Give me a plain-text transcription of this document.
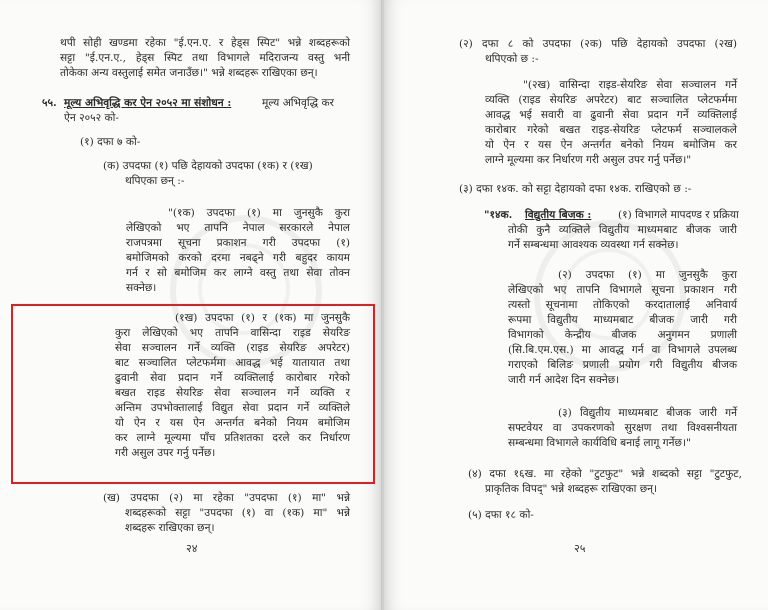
थपी सोही खण्डमा रहेका "ई.एन.ए. र हेड्स स्पिट" भन्ने शब्दहरूको
सट्टा "ई.एन.ए., हेड्स स्पिट तथा विभागले मदिराजन्य वस्तु भनी
तोकेका अन्य वस्तुलाई समेत जनाउँछ।" भन्ने शब्दहरू राखिएका छन्।
५५. मूल्य अभिवृद्धि कर ऐन २०५२ मा संशोधन :	मूल्य अभिवृद्धि कर
ऐन २०५२ को-
(१) दफा ७ को-
(क) उपदफा (१) पछि देहायको उपदफा (१क) र (१ख)
थपिएका छन् :-
"(१क) उपदफा (१) मा जुनसुकै कुरा
लेखिएको भए तापनि नेपाल सरकारले नेपाल
राजपत्रमा सूचना प्रकाशन गरी उपदफा (१)
बमोजिमको करको दरमा नबढ्ने गरी बहुदर कायम
गर्न र सो बमोजिम कर लाग्ने वस्तु तथा सेवा तोक्न
सक्नेछ।
(१ख) उपदफा (१) र (१क) मा जुनसुकै
कुरा लेखिएको भए तापनि वासिन्दा राइड सेयरिङ
सेवा सञ्चालन गर्ने व्यक्ति (राइड सेयरिङ अपरेटर)
बाट सञ्चालित प्लेटफर्ममा आवद्ध भई यातायात तथा
ढुवानी सेवा प्रदान गर्ने व्यक्तिलाई कारोबार गरेको
बखत राइड सेयरिङ सेवा सञ्चालन गर्ने व्यक्ति र
अन्तिम उपभोक्तालाई विद्युत सेवा प्रदान गर्ने व्यक्तिले
यो ऐन र यस ऐन अन्तर्गत बनेको नियम बमोजिम
कर लाग्ने मूल्यमा पाँच प्रतिशतका दरले कर निर्धारण
गरी असुल उपर गर्नु पर्नेछ।
(ख) उपदफा (२) मा रहेका "उपदफा (१) मा" भन्ने
शब्दहरूको सट्टा "उपदफा (१) वा (१क) मा" भन्ने
शब्दहरू राखिएका छन्।
२४
(२) दफा ८ को उपदफा (२क) पछि देहायको उपदफा (२ख)
थपिएको छ :-
"(२ख) वासिन्दा राइड-सेयरिङ सेवा सञ्चालन गर्ने
व्यक्ति (राइड सेयरिङ अपरेटर) बाट सञ्चालित प्लेटफर्ममा
आवद्ध भई सवारी वा ढुवानी सेवा प्रदान गर्ने व्यक्तिलाई
कारोबार गरेको बखत राइड-सेयरिङ प्लेटफर्म सञ्चालकले
यो ऐन र यस ऐन अन्तर्गत बनेको नियम बमोजिम कर
लाग्ने मूल्यमा कर निर्धारण गरी असुल उपर गर्नु पर्नेछ।"
(३) दफा १४क. को सट्टा देहायको दफा १४क. राखिएको छ :-
"१४क. विद्युतीय बिजक :	(१) विभागले मापदण्ड र प्रक्रिया
तोकी कुनै व्यक्तिले विद्युतीय माध्यमबाट बीजक जारी
गर्ने सम्बन्धमा आवश्यक व्यवस्था गर्न सक्नेछ।
(२) उपदफा (१) मा जुनसुकै कुरा
लेखिएको भए तापनि विभागले सूचना प्रकाशन गरी
त्यस्तो सूचनामा तोकिएको करदातालाई अनिवार्य
रूपमा विद्युतीय माध्यमबाट बीजक जारी गरी
विभागको केन्द्रीय बीजक अनुगमन प्रणाली
(सि.बि.एम.एस.) मा आवद्ध गर्न वा विभागले उपलब्ध
गराएको बिलिङ प्रणाली प्रयोग गरी विद्युतीय बीजक
जारी गर्न आदेश दिन सक्नेछ।
(३) विद्युतीय माध्यमबाट बीजक जारी गर्ने
सफ्टवेयर वा उपकरणको सुरक्षण तथा विश्वसनीयता
सम्बन्धमा विभागले कार्यविधि बनाई लागू गर्नेछ।"
(४) दफा १६ख. मा रहेको "टुटफुट" भन्ने शब्दको सट्टा "टुटफुट,
प्राकृतिक विपद्" भन्ने शब्दहरू राखिएका छन्।
(५) दफा १८ को-
२५
